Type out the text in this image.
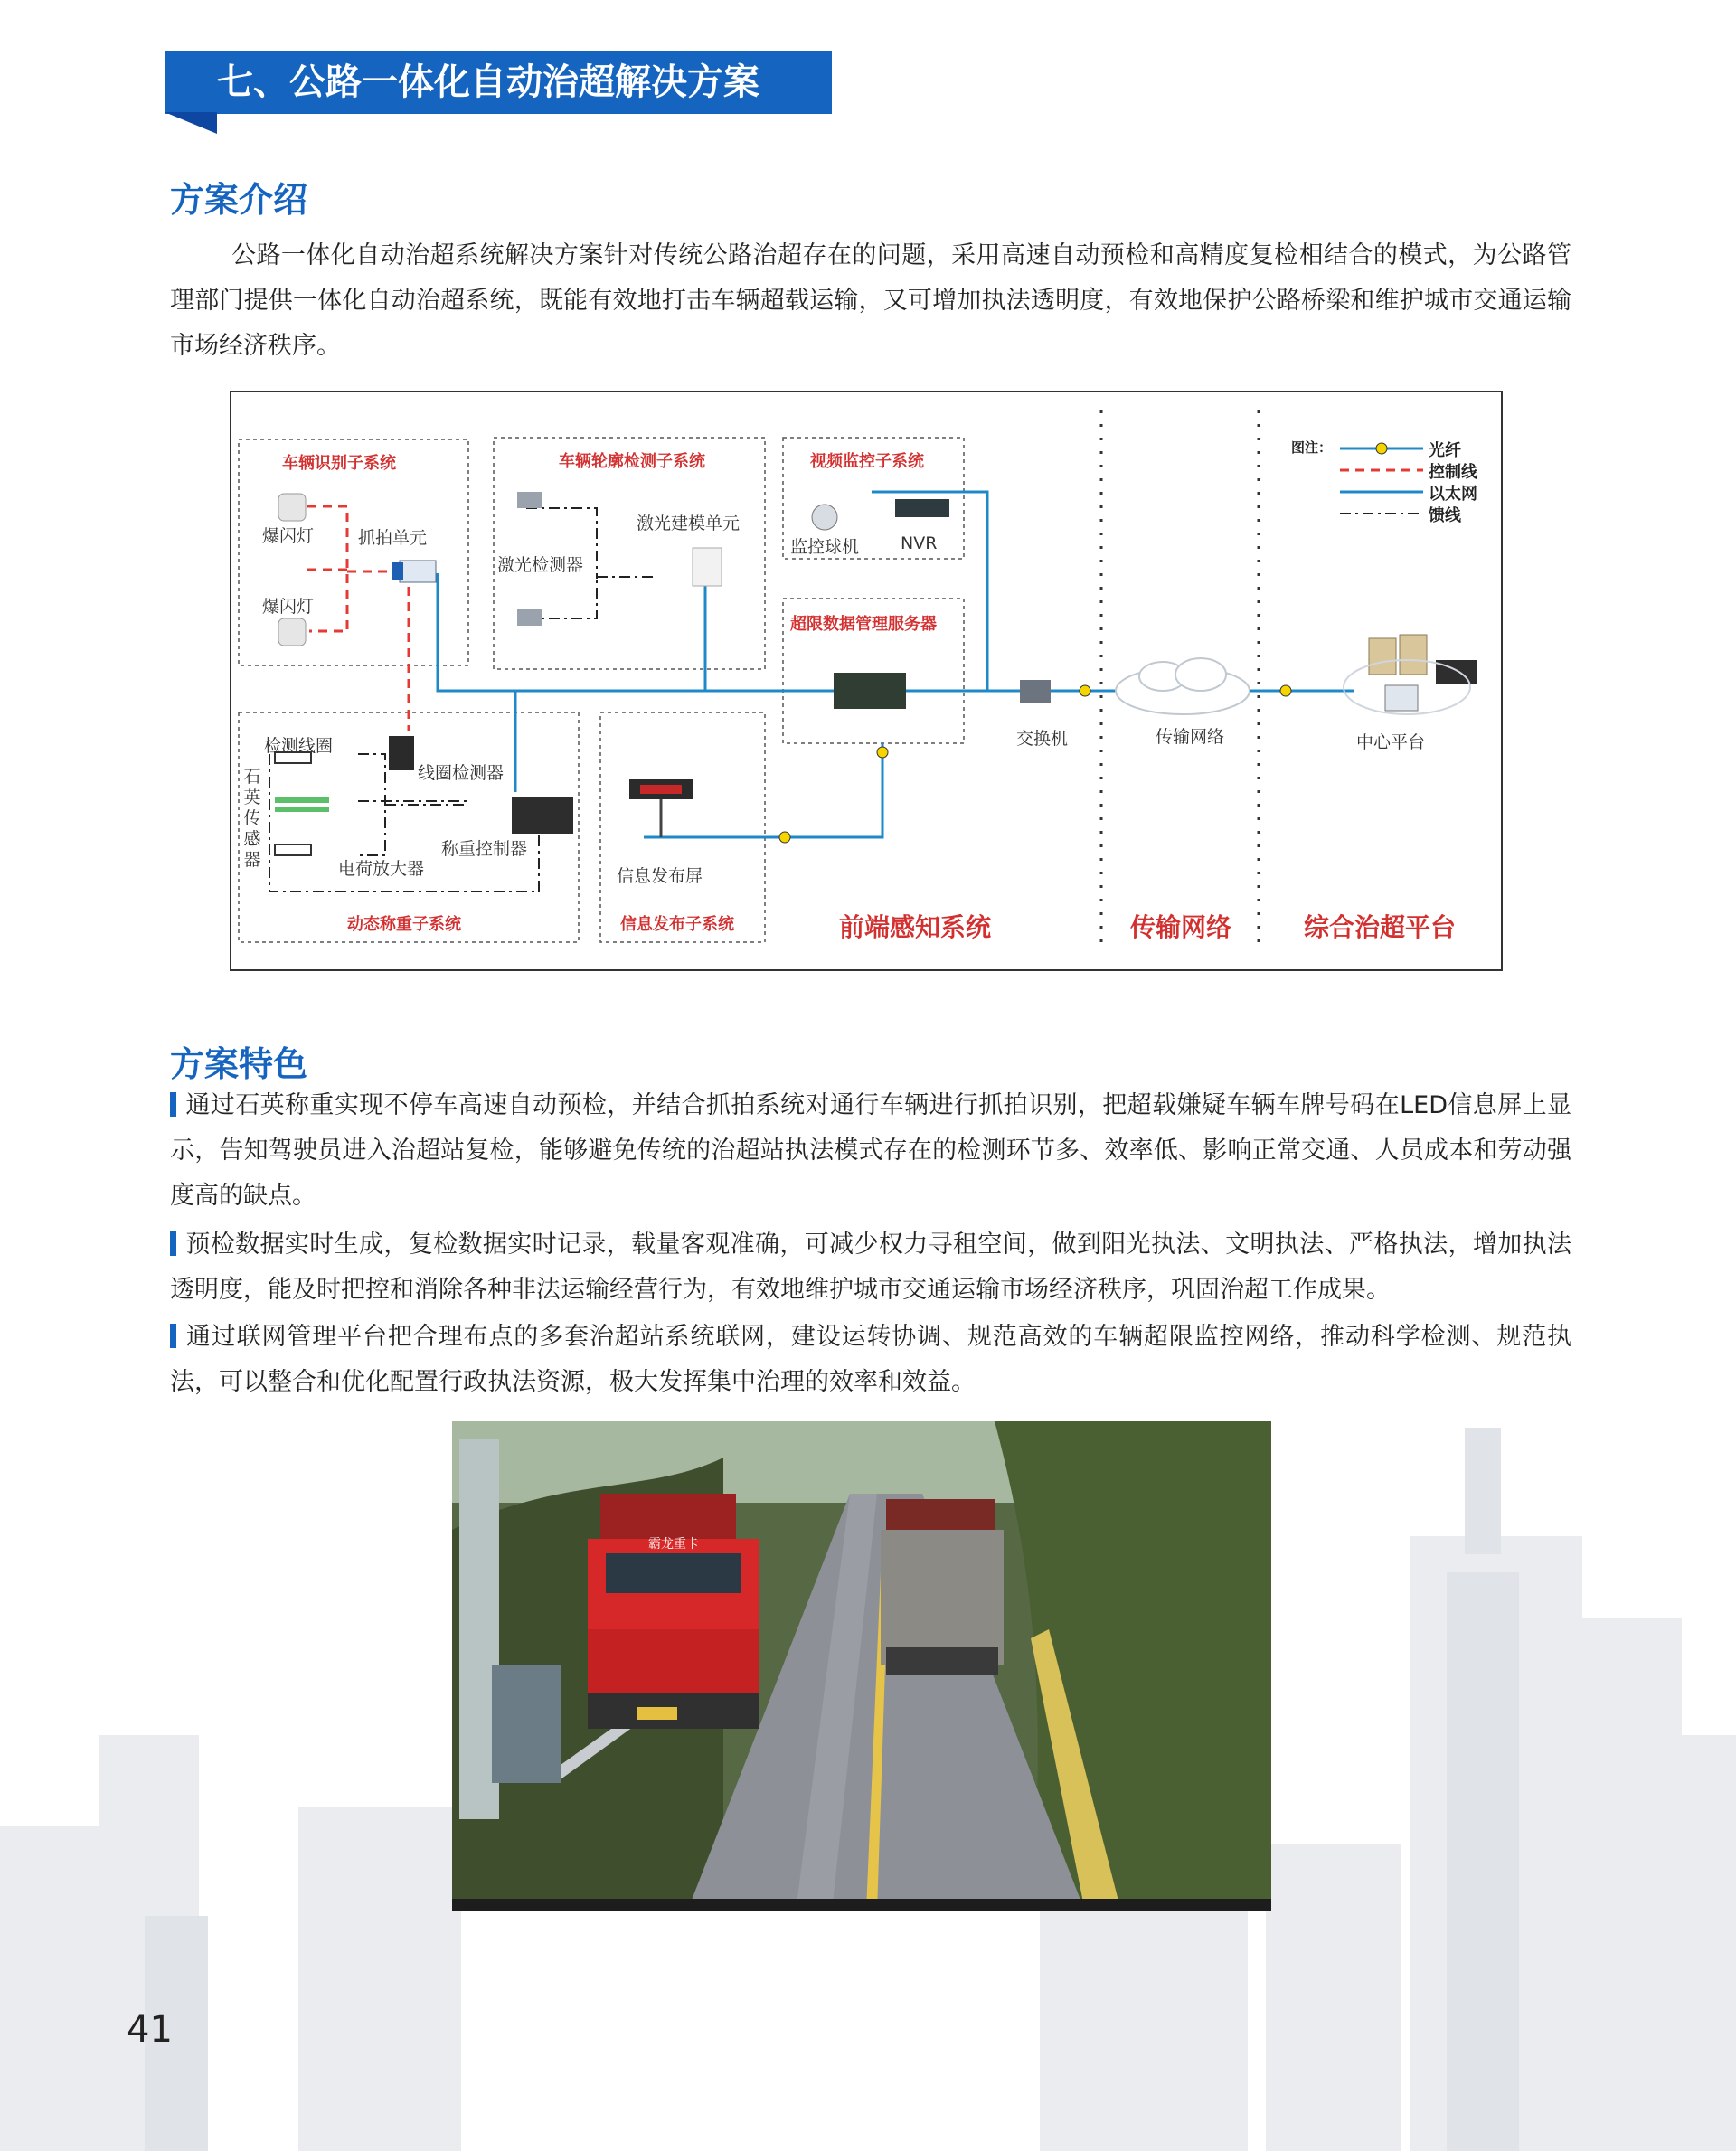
七、公路一体化自动治超解决方案
方案介绍
公路一体化自动治超系统解决方案针对传统公路治超存在的问题，采用高速自动预检和高精度复检相结合的模式，为公路管理部门提供一体化自动治超系统，既能有效地打击车辆超载运输，又可增加执法透明度，有效地保护公路桥梁和维护城市交通运输市场经济秩序。
车辆识别子系统	车辆轮廓检测子系统	视频监控子系统
超限数据管理服务器
动态称重子系统	信息发布子系统
爆闪灯
爆闪灯
抓拍单元
激光建模单元
激光检测器
监控球机 NVR
检测线圈
石英传感器
线圈检测器
称重控制器
电荷放大器	信息发布屏
交换机	传输网络	中心平台
图注：	光纤
控制线
以太网
馈线
前端感知系统	传输网络	综合治超平台
方案特色
通过石英称重实现不停车高速自动预检，并结合抓拍系统对通行车辆进行抓拍识别，把超载嫌疑车辆车牌号码在LED信息屏上显示，告知驾驶员进入治超站复检，能够避免传统的治超站执法模式存在的检测环节多、效率低、影响正常交通、人员成本和劳动强度高的缺点。
预检数据实时生成，复检数据实时记录，载量客观准确，可减少权力寻租空间，做到阳光执法、文明执法、严格执法，增加执法透明度，能及时把控和消除各种非法运输经营行为，有效地维护城市交通运输市场经济秩序，巩固治超工作成果。
通过联网管理平台把合理布点的多套治超站系统联网，建设运转协调、规范高效的车辆超限监控网络，推动科学检测、规范执法，可以整合和优化配置行政执法资源，极大发挥集中治理的效率和效益。
霸龙重卡
41
